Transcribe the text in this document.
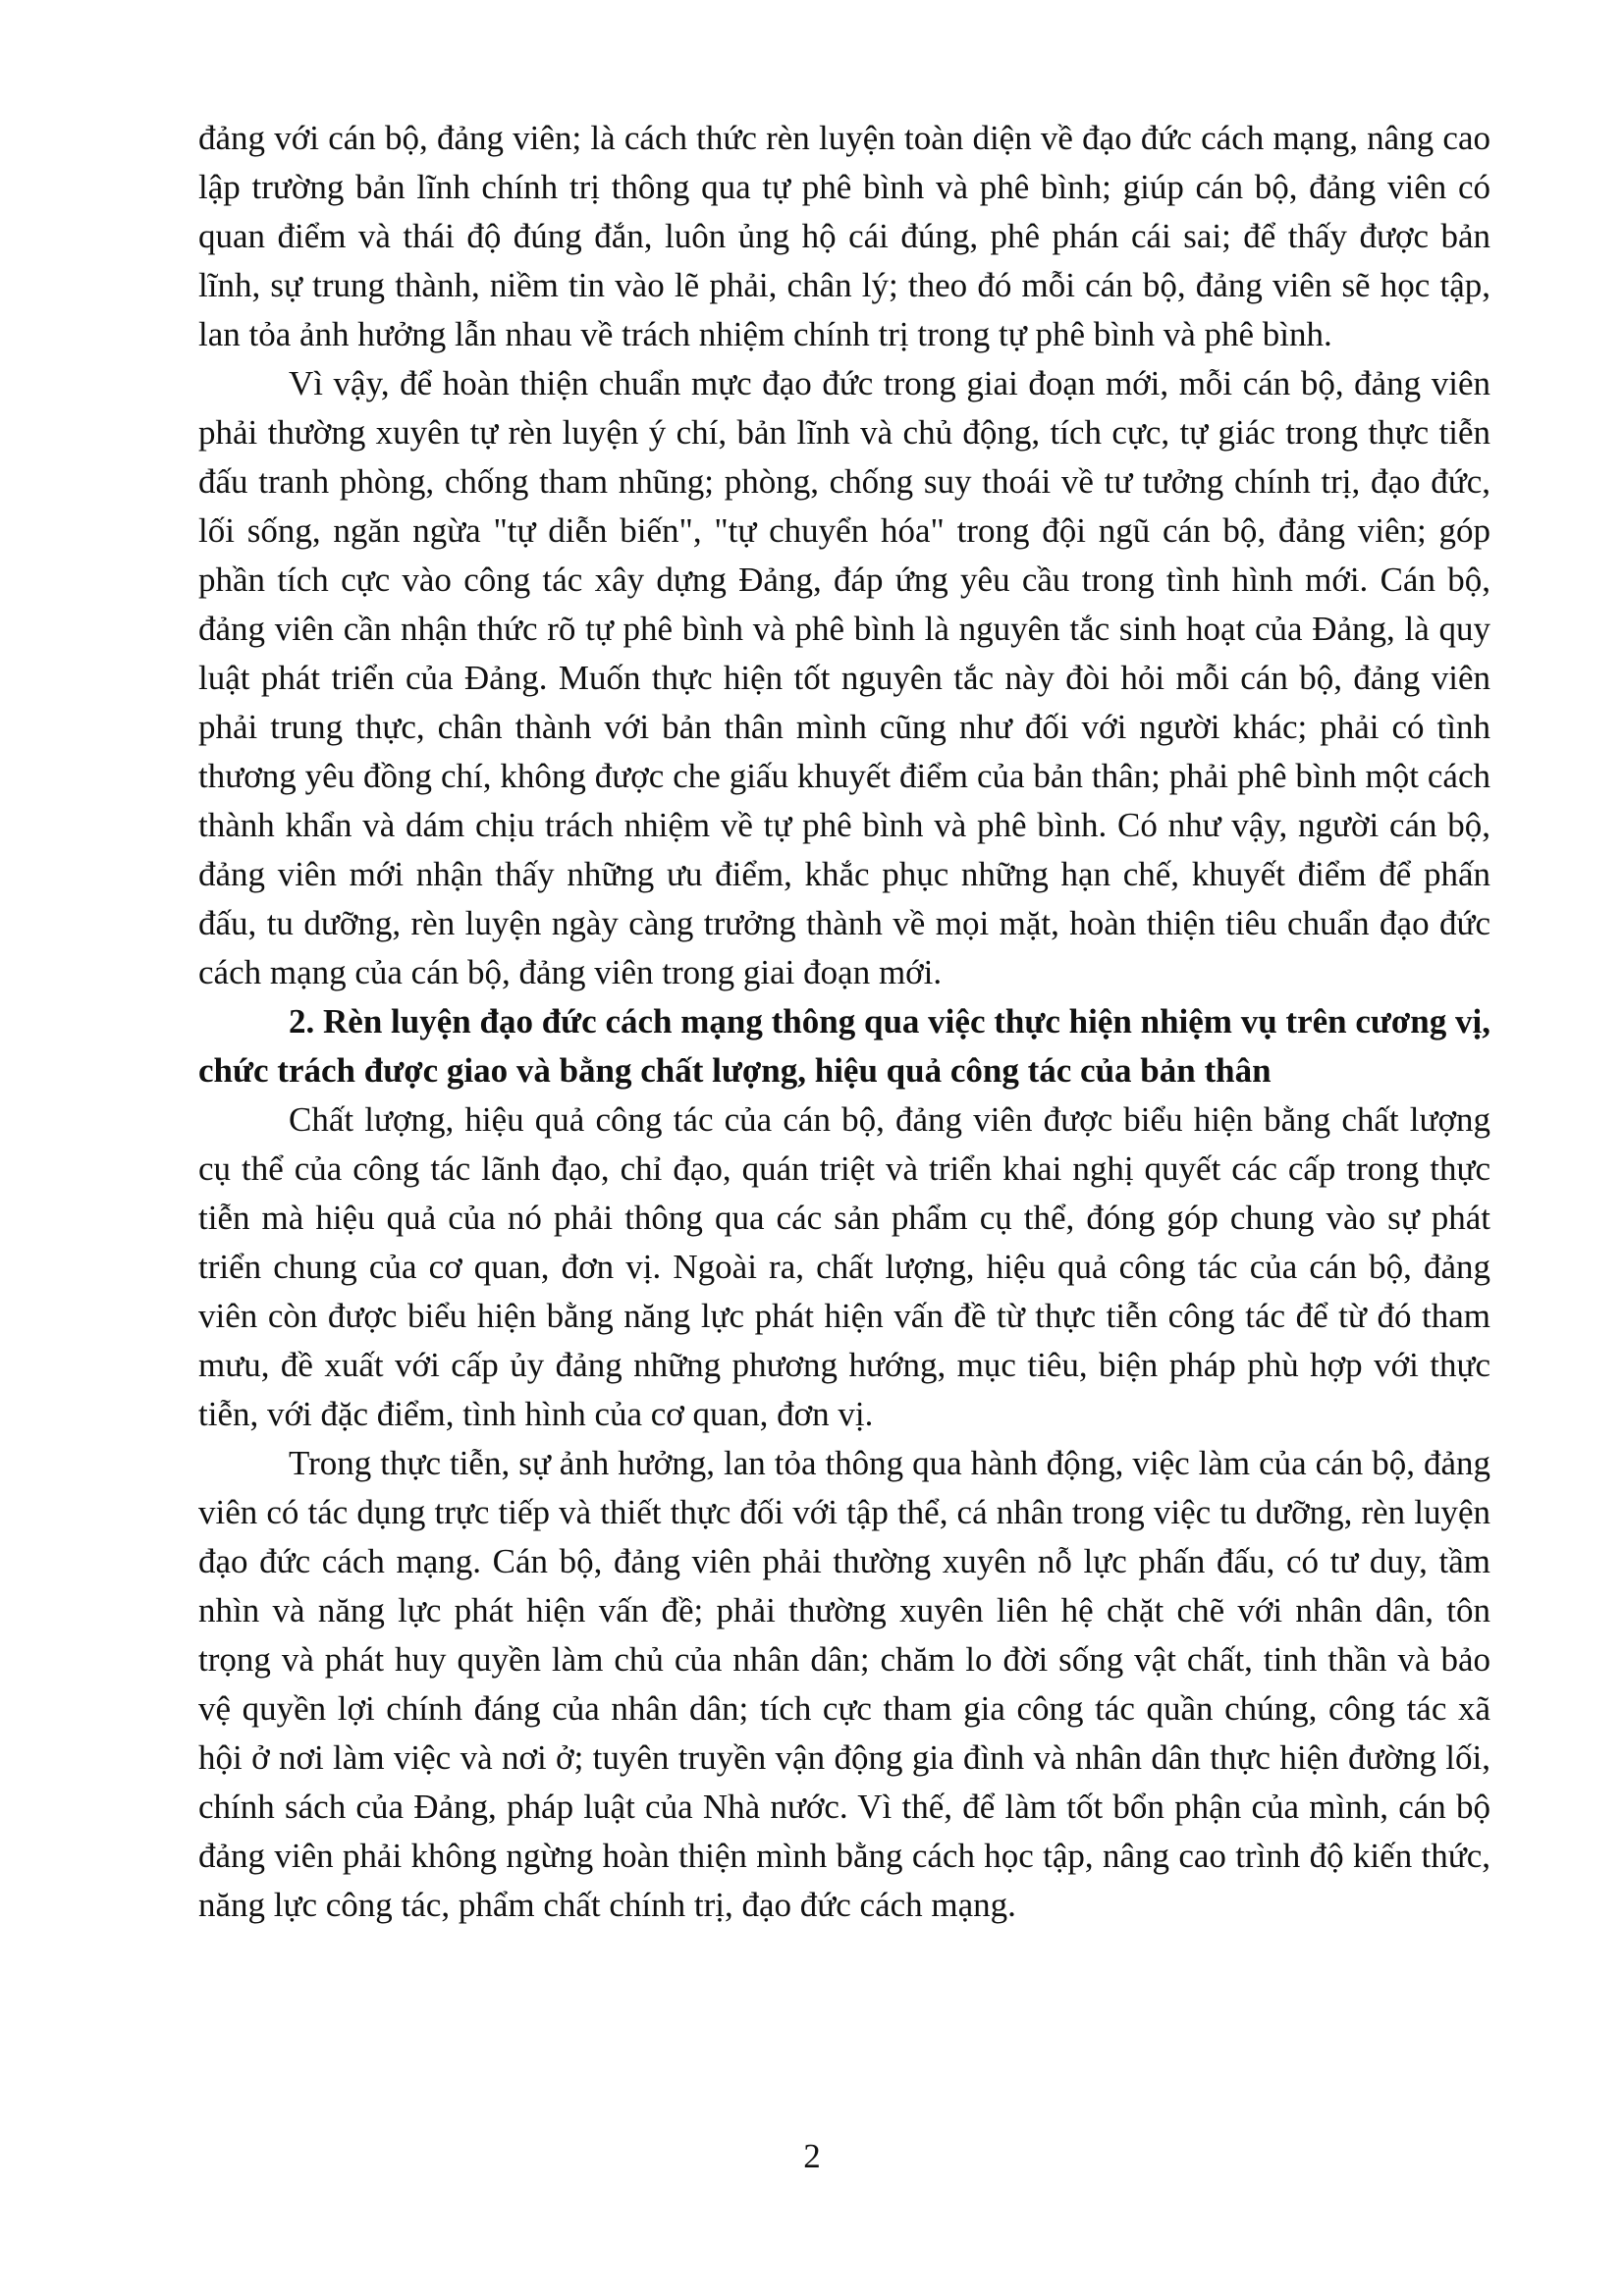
đảng với cán bộ, đảng viên; là cách thức rèn luyện toàn diện về đạo đức cách mạng, nâng cao lập trường bản lĩnh chính trị thông qua tự phê bình và phê bình; giúp cán bộ, đảng viên có quan điểm và thái độ đúng đắn, luôn ủng hộ cái đúng, phê phán cái sai; để thấy được bản lĩnh, sự trung thành, niềm tin vào lẽ phải, chân lý; theo đó mỗi cán bộ, đảng viên sẽ học tập, lan tỏa ảnh hưởng lẫn nhau về trách nhiệm chính trị trong tự phê bình và phê bình.

Vì vậy, để hoàn thiện chuẩn mực đạo đức trong giai đoạn mới, mỗi cán bộ, đảng viên phải thường xuyên tự rèn luyện ý chí, bản lĩnh và chủ động, tích cực, tự giác trong thực tiễn đấu tranh phòng, chống tham nhũng; phòng, chống suy thoái về tư tưởng chính trị, đạo đức, lối sống, ngăn ngừa "tự diễn biến", "tự chuyển hóa" trong đội ngũ cán bộ, đảng viên; góp phần tích cực vào công tác xây dựng Đảng, đáp ứng yêu cầu trong tình hình mới. Cán bộ, đảng viên cần nhận thức rõ tự phê bình và phê bình là nguyên tắc sinh hoạt của Đảng, là quy luật phát triển của Đảng. Muốn thực hiện tốt nguyên tắc này đòi hỏi mỗi cán bộ, đảng viên phải trung thực, chân thành với bản thân mình cũng như đối với người khác; phải có tình thương yêu đồng chí, không được che giấu khuyết điểm của bản thân; phải phê bình một cách thành khẩn và dám chịu trách nhiệm về tự phê bình và phê bình. Có như vậy, người cán bộ, đảng viên mới nhận thấy những ưu điểm, khắc phục những hạn chế, khuyết điểm để phấn đấu, tu dưỡng, rèn luyện ngày càng trưởng thành về mọi mặt, hoàn thiện tiêu chuẩn đạo đức cách mạng của cán bộ, đảng viên trong giai đoạn mới.

2. Rèn luyện đạo đức cách mạng thông qua việc thực hiện nhiệm vụ trên cương vị, chức trách được giao và bằng chất lượng, hiệu quả công tác của bản thân

Chất lượng, hiệu quả công tác của cán bộ, đảng viên được biểu hiện bằng chất lượng cụ thể của công tác lãnh đạo, chỉ đạo, quán triệt và triển khai nghị quyết các cấp trong thực tiễn mà hiệu quả của nó phải thông qua các sản phẩm cụ thể, đóng góp chung vào sự phát triển chung của cơ quan, đơn vị. Ngoài ra, chất lượng, hiệu quả công tác của cán bộ, đảng viên còn được biểu hiện bằng năng lực phát hiện vấn đề từ thực tiễn công tác để từ đó tham mưu, đề xuất với cấp ủy đảng những phương hướng, mục tiêu, biện pháp phù hợp với thực tiễn, với đặc điểm, tình hình của cơ quan, đơn vị.

Trong thực tiễn, sự ảnh hưởng, lan tỏa thông qua hành động, việc làm của cán bộ, đảng viên có tác dụng trực tiếp và thiết thực đối với tập thể, cá nhân trong việc tu dưỡng, rèn luyện đạo đức cách mạng. Cán bộ, đảng viên phải thường xuyên nỗ lực phấn đấu, có tư duy, tầm nhìn và năng lực phát hiện vấn đề; phải thường xuyên liên hệ chặt chẽ với nhân dân, tôn trọng và phát huy quyền làm chủ của nhân dân; chăm lo đời sống vật chất, tinh thần và bảo vệ quyền lợi chính đáng của nhân dân; tích cực tham gia công tác quần chúng, công tác xã hội ở nơi làm việc và nơi ở; tuyên truyền vận động gia đình và nhân dân thực hiện đường lối, chính sách của Đảng, pháp luật của Nhà nước. Vì thế, để làm tốt bổn phận của mình, cán bộ đảng viên phải không ngừng hoàn thiện mình bằng cách học tập, nâng cao trình độ kiến thức, năng lực công tác, phẩm chất chính trị, đạo đức cách mạng.

2
